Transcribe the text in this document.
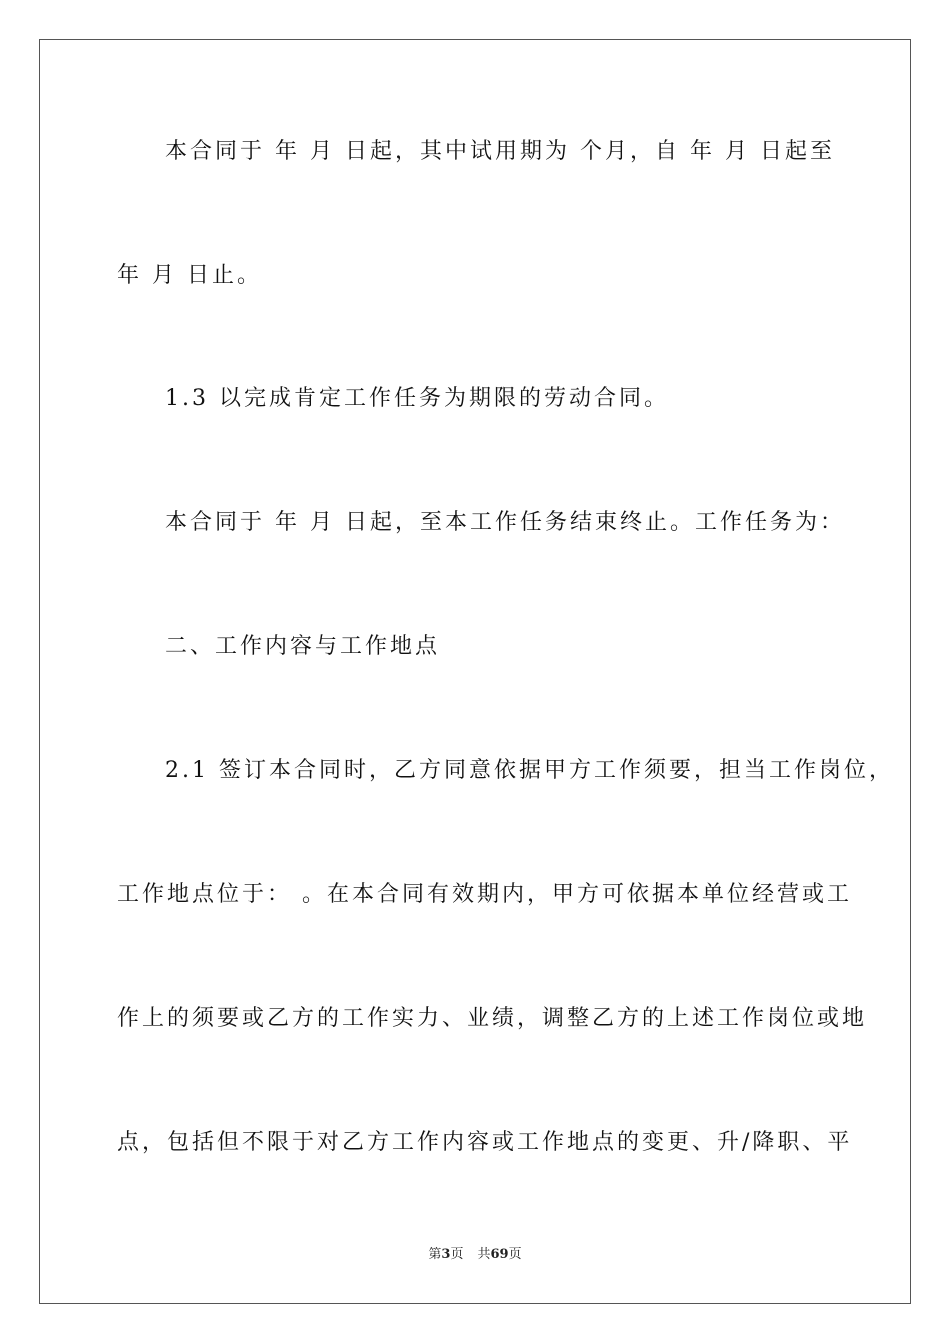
本合同于 年 月 日起，其中试用期为 个月，自 年 月 日起至
年 月 日止。
1.3 以完成肯定工作任务为期限的劳动合同。
本合同于 年 月 日起，至本工作任务结束终止。工作任务为：
二、工作内容与工作地点
2.1 签订本合同时，乙方同意依据甲方工作须要，担当工作岗位，
工作地点位于： 。在本合同有效期内，甲方可依据本单位经营或工
作上的须要或乙方的工作实力、业绩，调整乙方的上述工作岗位或地
点，包括但不限于对乙方工作内容或工作地点的变更、升/降职、平
第3页 共69页
